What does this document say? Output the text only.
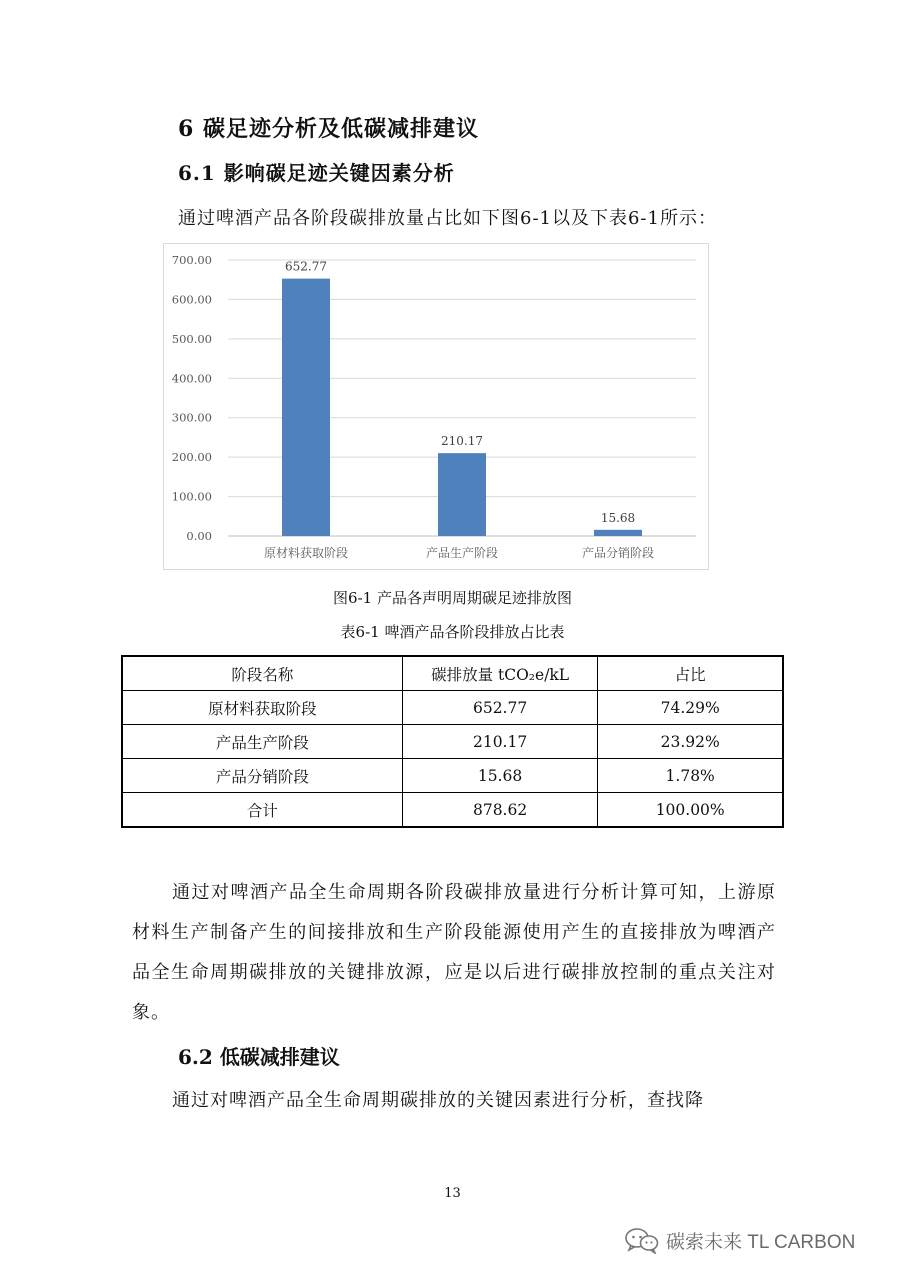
6 碳足迹分析及低碳减排建议
6.1 影响碳足迹关键因素分析
通过啤酒产品各阶段碳排放量占比如下图6-1以及下表6-1所示：
0.00
100.00
200.00
300.00
400.00
500.00
600.00
700.00	652.77
原材料获取阶段
210.17
产品生产阶段
15.68
产品分销阶段
图6-1 产品各声明周期碳足迹排放图
表6-1 啤酒产品各阶段排放占比表
阶段名称	碳排放量 tCO₂e/kL	占比
原材料获取阶段	652.77	74.29%
产品生产阶段	210.17	23.92%
产品分销阶段	15.68	1.78%
合计	878.62	100.00%
通过对啤酒产品全生命周期各阶段碳排放量进行分析计算可知，上游原材料生产制备产生的间接排放和生产阶段能源使用产生的直接排放为啤酒产品全生命周期碳排放的关键排放源，应是以后进行碳排放控制的重点关注对象。
6.2 低碳减排建议
通过对啤酒产品全生命周期碳排放的关键因素进行分析，查找降
13
碳索未来 TL CARBON
